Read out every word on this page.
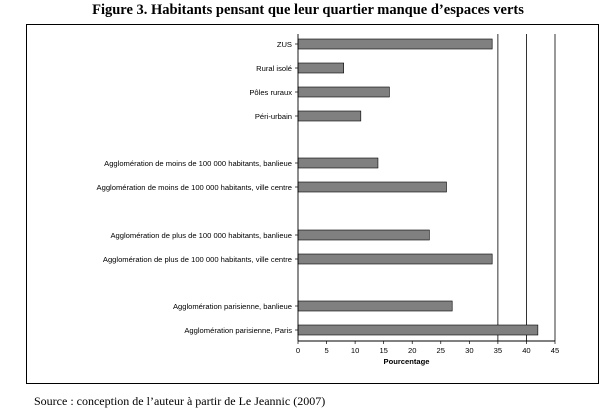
Figure 3. Habitants pensant que leur quartier manque d’espaces verts
0	5	10	15	20	25	30	35	40	45
ZUS
Rural isolé
Pôles ruraux
Péri-urbain
Agglomération de moins de 100 000 habitants, banlieue
Agglomération de moins de 100 000 habitants, ville centre
Agglomération de plus de 100 000 habitants, banlieue
Agglomération de plus de 100 000 habitants, ville centre
Agglomération parisienne, banlieue
Agglomération parisienne, Paris
Pourcentage
Source : conception de l’auteur à partir de Le Jeannic (2007)
